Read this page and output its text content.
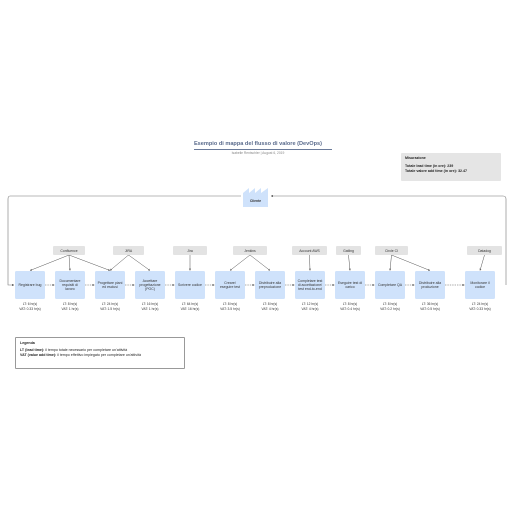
Esempio di mappa del flusso di valore (DevOps)
Isabelle Rentschler | August 6, 2019
Misurazione
Totale lead time (in ore): 239
Totale valore add time (in ore): 32.47
Cliente
Registrare bug
Documentare requisiti di lavoro
Progettare piani ed esclusi
Accettare progettazione (POC)
Scrivere codice
Creare/ eseguire test
Distribuire alla preproduzione
Completare test di accettazione/ test end-to-end
Eseguire test di carico
Completare QA
Distribuire alla produzione
Monitorare il codice
Confluence	JIRA	Jira	Jenkins	Account AWS	Gatling	Circle CI	Datadog
LT: 6 hr(s)
VAT: 0.33 hr(s)
LT: 8 hr(s)
VAT: 1 hr(s)
LT: 24 hr(s)
VAT: 1.5 hr(s)
LT: 16 hr(s)
VAT: 1 hr(s)
LT: 64 hr(s)
VAT: 16 hr(s)
LT: 8 hr(s)
VAT: 3.5 hr(s)
LT: 8 hr(s)
VAT: 4 hr(s)
LT: 12 hr(s)
VAT: 4 hr(s)
LT: 8 hr(s)
VAT: 0.4 hr(s)
LT: 8 hr(s)
VAT: 0.2 hr(s)
LT: 36 hr(s)
VAT: 0.5 hr(s)
LT: 24 hr(s)
VAT: 0.33 hr(s)
Legenda
LT (lead time): il tempo totale necessario per completare un'attività
VAT (value add time): il tempo effettivo impiegato per completare un'attività
